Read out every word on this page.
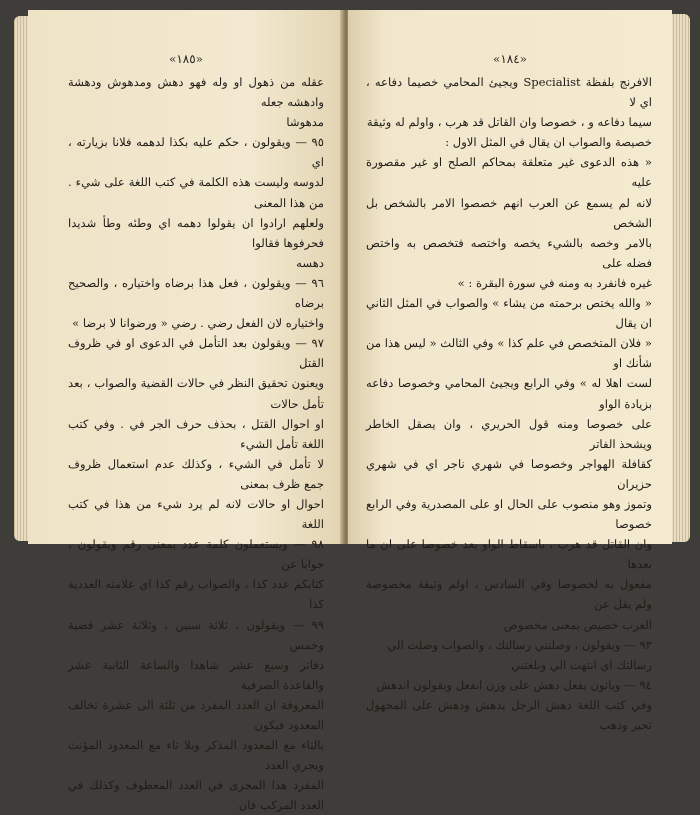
«١٨٥»

عقله من ذهول او وله فهو دهش ومدهوش ودهشة وادهشه جعله

مدهوشا

٩٥ — ويقولون ، حكم عليه بكذا لدهمه فلانا بزيارته ، اي

لدوسه وليست هذه الكلمة في كتب اللغة على شيء . من هذا المعنى

ولعلهم ارادوا ان يقولوا دهمه اي وطئه وطأ شديدا فحرفوها فقالوا

دهسه

٩٦ — ويقولون ، فعل هذا برضاه واختياره ، والصحيح برضاه

واختياره لان الفعل رضي . رضي « ورضوانا لا برضا »

٩٧ — ويقولون بعد التأمل في الدعوى او في ظروف القتل

ويعنون تحقيق النظر في حالات القضية والصواب ، بعد تأمل حالات

او احوال القتل ، بحذف حرف الجر في . وفي كتب اللغة تأمل الشيء

لا تأمل في الشيء ، وكذلك عدم استعمال ظروف جمع ظرف بمعنى

احوال او حالات لانه لم يرد شيء من هذا في كتب اللغة

٩٨ — ويستعملون كلمة عدد بمعنى رقم ويقولون ، جوابا عن

كتابكم عدد كذا ، والصواب رقم كذا اي علامته العددية كذا

٩٩ — ويقولون ، ثلاثة سنين ، وثلاثة عشر قضية وخمس

دفاتر وسبع عشر شاهدا والساعة الثانية عشر والقاعدة الصرفية

المعروفة ان العدد المفرد من ثلثة الى عشرة تخالف المعدود فيكون

بالتاء مع المعدود المذكر وبلا تاء مع المعدود المؤنث ويجري العدد

المفرد هذا المجرى في العدد المعطوف وكذلك في العدد المركب فان

«١٨٤»

الافرنج بلفظة Specialist ويجيئ المحامي خصيما دفاعه ، اي لا

سيما دفاعه و ، خصوصا وان القاتل قد هرب ، واولم له وثيقة

خصيصة والصواب ان يقال في المثل الاول :

« هذه الدعوى غير متعلقة بمحاكم الصلح او غير مقصورة عليه

لانه لم يسمع عن العرب انهم خصصوا الامر بالشخص بل الشخص

بالامر وخصه بالشيء يخصه واختصه فتخصص به واختص فضله على

غيره فانفرد به ومنه في سورة البقرة : »

« والله يختص برحمته من يشاء » والصواب في المثل الثاني ان يقال

« فلان المتخصص في علم كذا » وفي الثالث « ليس هذا من شأنك او

لست اهلا له » وفي الرابع ويجيئ المحامي وخصوصا دفاعه بزيادة الواو

على خصوصا ومنه قول الحريري ، وان يصقل الخاطر ويشحذ الفاتر

كقافلة الهواجر وخصوصا في شهري ناجر اي في شهري حزيران

وتموز وهو منصوب على الحال او على المصدرية وفي الرابع خصوصا

وان القاتل قد هرب ، باسقاط الواو بعد خصوصا على ان ما بعدها

مفعول به لخصوصا وفي السادس ، اولم وثيقة مخصوصة ولم يقل عن

العرب خصيص بمعنى مخصوص

٩٣ — ويقولون ، وصلتني رسالتك ، والصواب وصلت الي

رسالتك اي انتهت الي وبلغتني

٩٤ — وياتون بفعل دهش على وزن انفعل ويقولون اندهش

وفي كتب اللغة دهش الرجل يدهش ودهش على المجهول تحير وذهب
